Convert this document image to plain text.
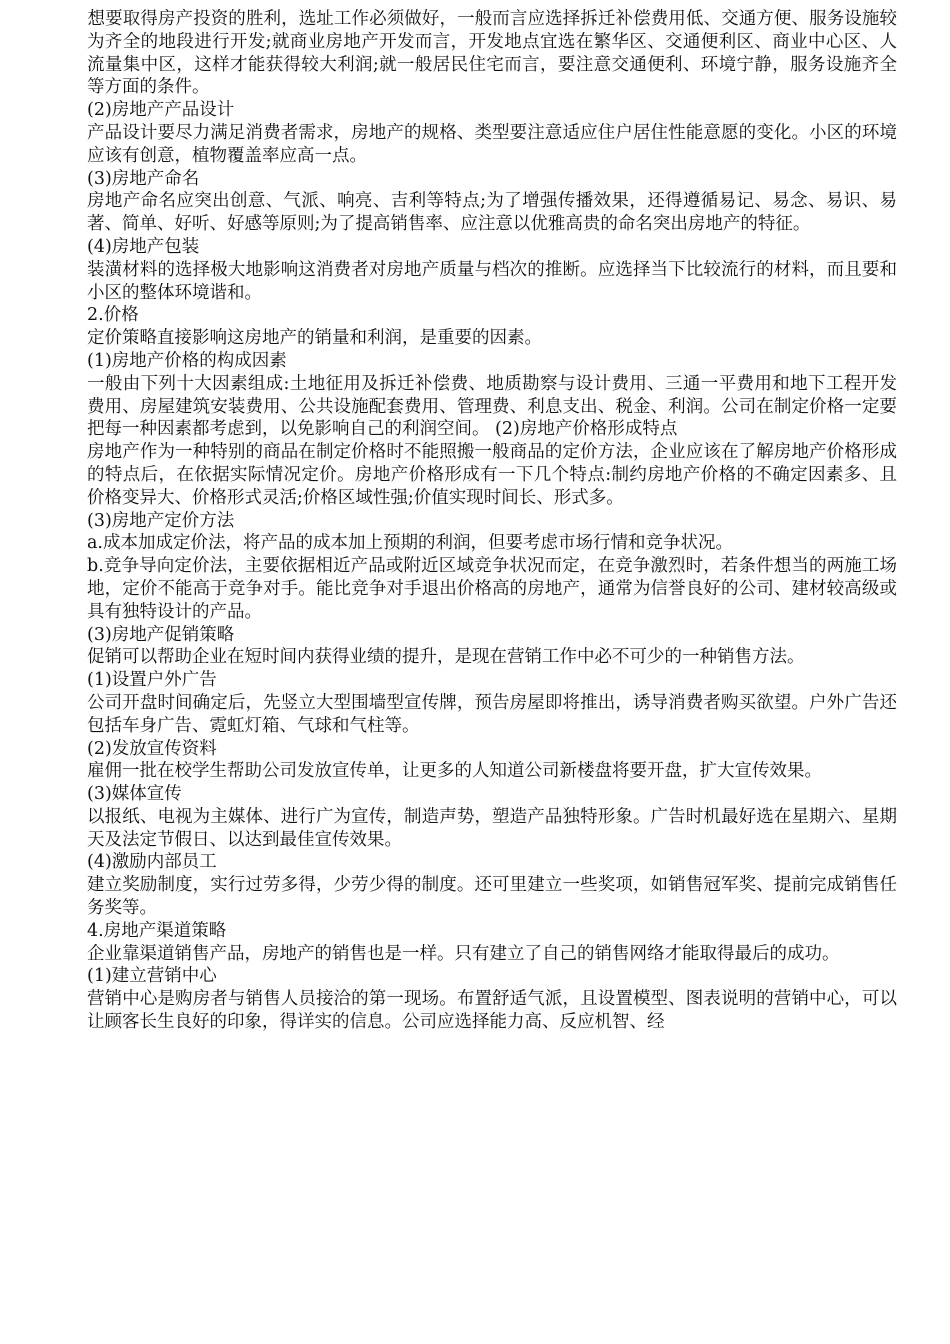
想要取得房产投资的胜利，选址工作必须做好，一般而言应选择拆迁补偿费用低、交通方便、服务设施较为齐全的地段进行开发;就商业房地产开发而言，开发地点宜选在繁华区、交通便利区、商业中心区、人流量集中区，这样才能获得较大利润;就一般居民住宅而言，要注意交通便利、环境宁静，服务设施齐全等方面的条件。

(2)房地产产品设计

产品设计要尽力满足消费者需求，房地产的规格、类型要注意适应住户居住性能意愿的变化。小区的环境应该有创意，植物覆盖率应高一点。

(3)房地产命名

房地产命名应突出创意、气派、响亮、吉利等特点;为了增强传播效果，还得遵循易记、易念、易识、易著、简单、好听、好感等原则;为了提高销售率、应注意以优雅高贵的命名突出房地产的特征。

(4)房地产包装

装潢材料的选择极大地影响这消费者对房地产质量与档次的推断。应选择当下比较流行的材料，而且要和小区的整体环境谐和。

2.价格

定价策略直接影响这房地产的销量和利润，是重要的因素。

(1)房地产价格的构成因素

一般由下列十大因素组成:土地征用及拆迁补偿费、地质勘察与设计费用、三通一平费用和地下工程开发费用、房屋建筑安装费用、公共设施配套费用、管理费、利息支出、税金、利润。公司在制定价格一定要把每一种因素都考虑到，以免影响自己的利润空间。 (2)房地产价格形成特点

房地产作为一种特别的商品在制定价格时不能照搬一般商品的定价方法，企业应该在了解房地产价格形成的特点后，在依据实际情况定价。房地产价格形成有一下几个特点:制约房地产价格的不确定因素多、且价格变异大、价格形式灵活;价格区域性强;价值实现时间长、形式多。

(3)房地产定价方法

a.成本加成定价法，将产品的成本加上预期的利润，但要考虑市场行情和竞争状况。

b.竞争导向定价法，主要依据相近产品或附近区域竞争状况而定，在竞争激烈时，若条件想当的两施工场地，定价不能高于竞争对手。能比竞争对手退出价格高的房地产，通常为信誉良好的公司、建材较高级或具有独特设计的产品。

(3)房地产促销策略

促销可以帮助企业在短时间内获得业绩的提升，是现在营销工作中必不可少的一种销售方法。

(1)设置户外广告

公司开盘时间确定后，先竖立大型围墙型宣传牌，预告房屋即将推出，诱导消费者购买欲望。户外广告还包括车身广告、霓虹灯箱、气球和气柱等。

(2)发放宣传资料

雇佣一批在校学生帮助公司发放宣传单，让更多的人知道公司新楼盘将要开盘，扩大宣传效果。

(3)媒体宣传

以报纸、电视为主媒体、进行广为宣传，制造声势，塑造产品独特形象。广告时机最好选在星期六、星期天及法定节假日、以达到最佳宣传效果。

(4)激励内部员工

建立奖励制度，实行过劳多得，少劳少得的制度。还可里建立一些奖项，如销售冠军奖、提前完成销售任务奖等。

4.房地产渠道策略

企业靠渠道销售产品，房地产的销售也是一样。只有建立了自己的销售网络才能取得最后的成功。

(1)建立营销中心

营销中心是购房者与销售人员接洽的第一现场。布置舒适气派，且设置模型、图表说明的营销中心，可以让顾客长生良好的印象，得详实的信息。公司应选择能力高、反应机智、经
